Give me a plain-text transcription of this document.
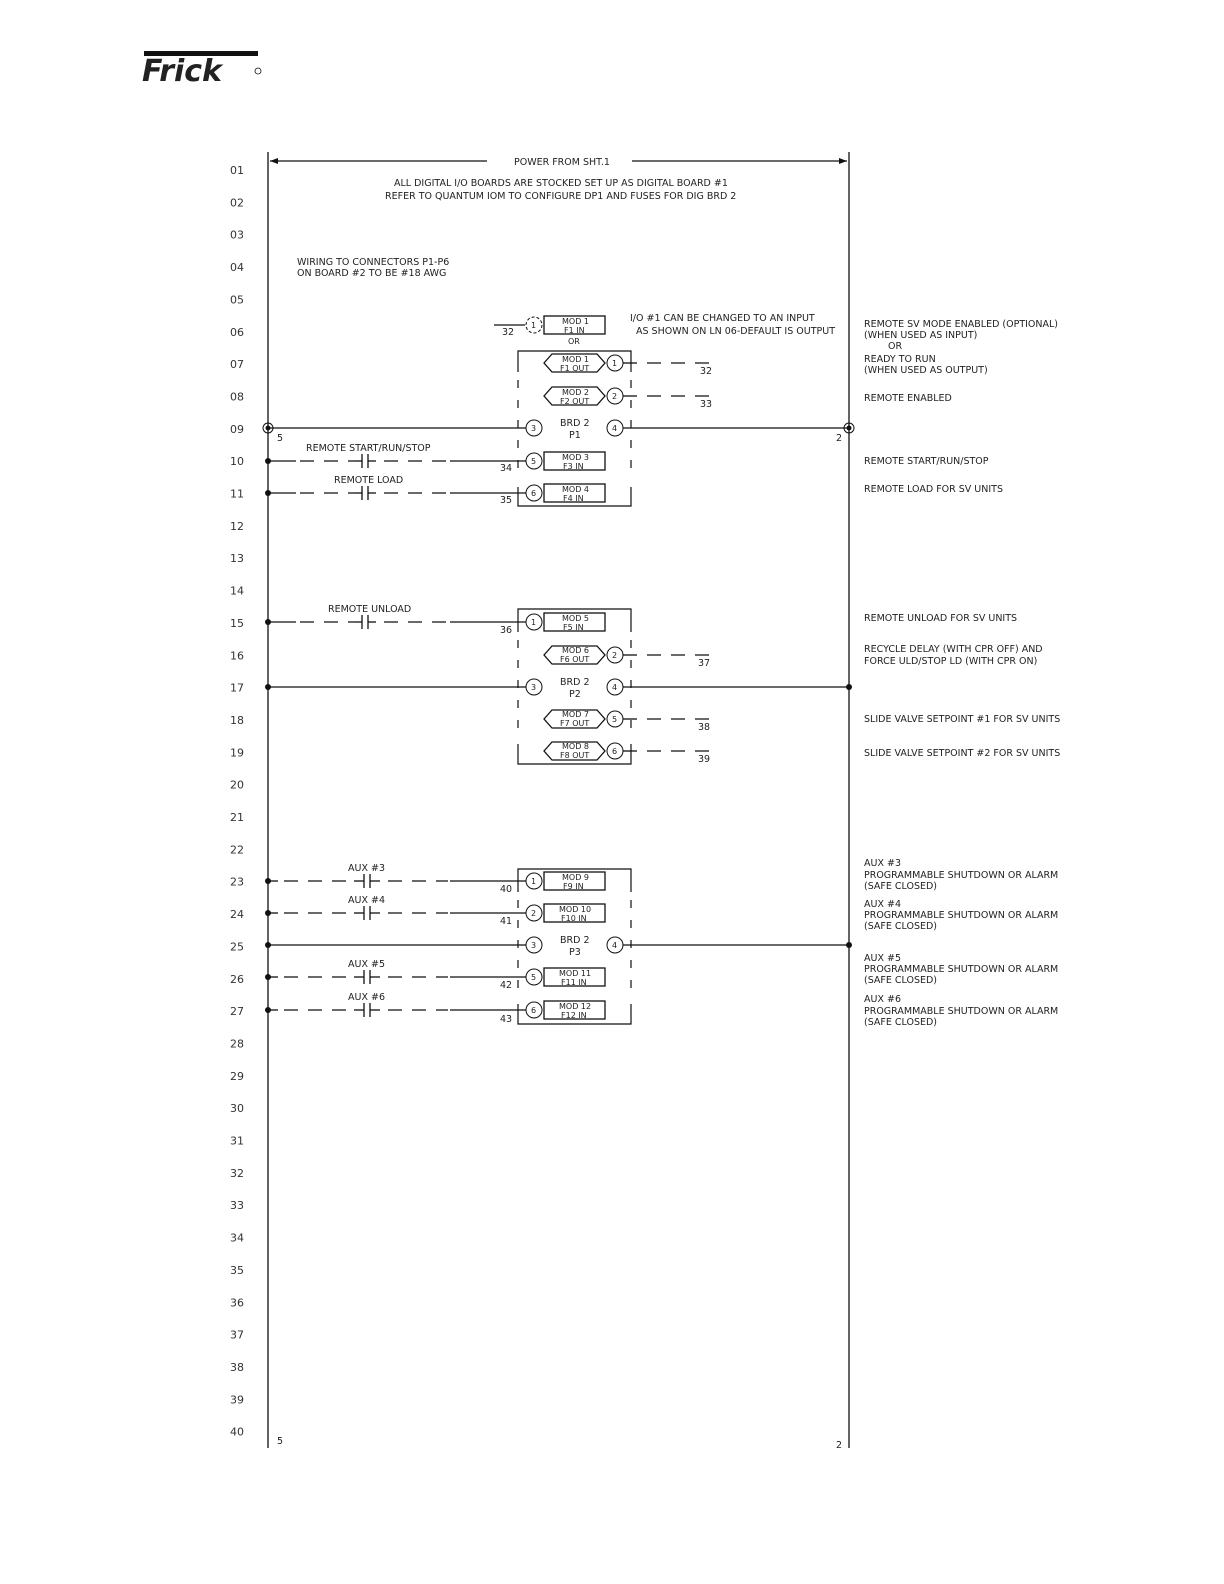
Frick
01
02
03
04
05
06
07
08
09
10
11
12
13
14
15
16
17
18
19
20
21
22
23
24
25
26
27
28
29
30
31
32
33
34
35
36
37
38
39
40
POWER FROM SHT.1
ALL DIGITAL I/O BOARDS ARE STOCKED SET UP AS DIGITAL BOARD #1
REFER TO QUANTUM IOM TO CONFIGURE DP1 AND FUSES FOR DIG BRD 2
WIRING TO CONNECTORS P1-P6
ON BOARD #2 TO BE #18 AWG
5	2
5	2
OR
I/O #1 CAN BE CHANGED TO AN INPUT
AS SHOWN ON LN 06-DEFAULT IS OUTPUT
32
1	MOD 1
F1 IN
MOD 1
F1 OUT
1
32
MOD 2
F2 OUT
2
33
3	BRD 2
P1
4
REMOTE START/RUN/STOP
34
5	MOD 3
F3 IN
REMOTE LOAD
35
6	MOD 4
F4 IN
REMOTE UNLOAD
36
1	MOD 5
F5 IN
MOD 6
F6 OUT	2
37
3	BRD 2
P2
4
MOD 7
F7 OUT	5
38
MOD 8
F8 OUT	6
39
AUX #3
40
1	MOD 9
F9 IN
AUX #4
41
2	MOD 10
F10 IN
3	BRD 2
P3
4
AUX #5
42
5	MOD 11
F11 IN
AUX #6
43
6	MOD 12
F12 IN
REMOTE SV MODE ENABLED (OPTIONAL)
(WHEN USED AS INPUT)
OR
READY TO RUN
(WHEN USED AS OUTPUT)
REMOTE ENABLED
REMOTE START/RUN/STOP
REMOTE LOAD FOR SV UNITS
REMOTE UNLOAD FOR SV UNITS
RECYCLE DELAY (WITH CPR OFF) AND
FORCE ULD/STOP LD (WITH CPR ON)
SLIDE VALVE SETPOINT #1 FOR SV UNITS
SLIDE VALVE SETPOINT #2 FOR SV UNITS
AUX #3
PROGRAMMABLE SHUTDOWN OR ALARM
(SAFE CLOSED)
AUX #4
PROGRAMMABLE SHUTDOWN OR ALARM
(SAFE CLOSED)
AUX #5
PROGRAMMABLE SHUTDOWN OR ALARM
(SAFE CLOSED)
AUX #6
PROGRAMMABLE SHUTDOWN OR ALARM
(SAFE CLOSED)
